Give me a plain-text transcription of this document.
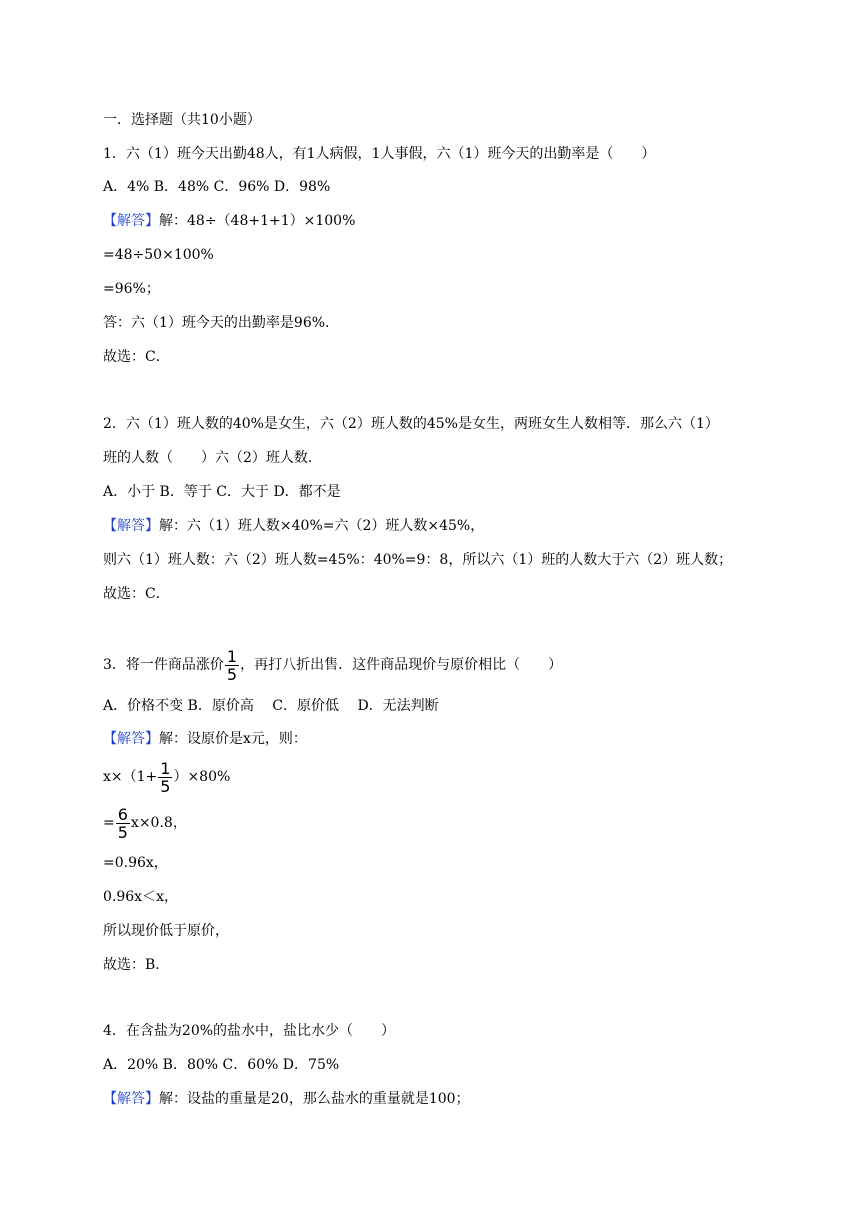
一．选择题（共10小题）
1．六（1）班今天出勤48人，有1人病假，1人事假，六（1）班今天的出勤率是（　　）
A．4% B．48% C．96% D．98%
【解答】解：48÷（48+1+1）×100%
=48÷50×100%
=96%；
答：六（1）班今天的出勤率是96%．
故选：C．
2．六（1）班人数的40%是女生，六（2）班人数的45%是女生，两班女生人数相等．那么六（1）
班的人数（　　）六（2）班人数．
A．小于 B．等于 C．大于 D．都不是
【解答】解：六（1）班人数×40%=六（2）班人数×45%，
则六（1）班人数：六（2）班人数=45%：40%=9：8，所以六（1）班的人数大于六（2）班人数；
故选：C．
3．将一件商品涨价 $\frac{1}{5}$ ，再打八折出售．这件商品现价与原价相比（　　）
A．价格不变 B．原价高　 C．原价低　 D．无法判断
【解答】解：设原价是x元，则：
$x\times(1+ \frac{1}{5} )\times 80\%$
= $\frac{6}{5} x\times 0.8$，
=0.96x，
0.96x＜x，
所以现价低于原价，
故选：B．
4．在含盐为20%的盐水中，盐比水少（　　）
A．20% B．80% C．60% D．75%
【解答】解：设盐的重量是20，那么盐水的重量就是100；
